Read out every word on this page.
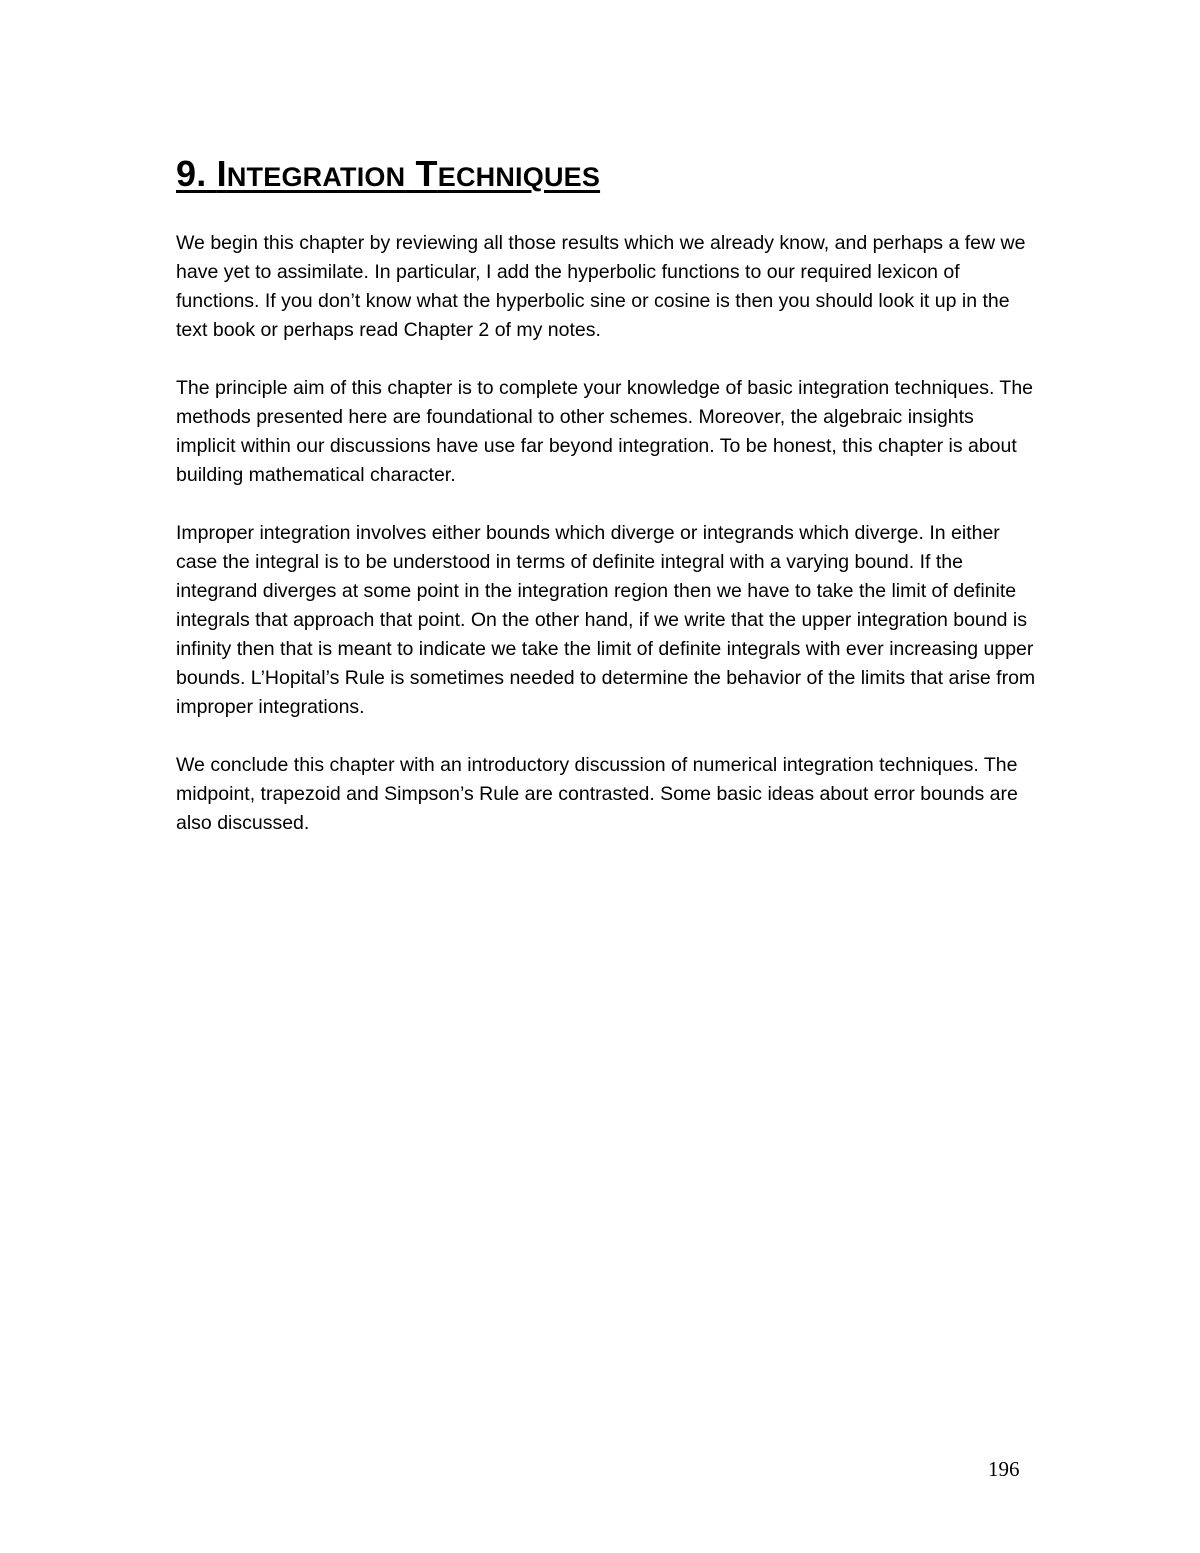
9. INTEGRATION TECHNIQUES

We begin this chapter by reviewing all those results which we already know, and perhaps a few we have yet to assimilate. In particular, I add the hyperbolic functions to our required lexicon of functions. If you don’t know what the hyperbolic sine or cosine is then you should look it up in the text book or perhaps read Chapter 2 of my notes.

The principle aim of this chapter is to complete your knowledge of basic integration techniques. The methods presented here are foundational to other schemes. Moreover, the algebraic insights implicit within our discussions have use far beyond integration. To be honest, this chapter is about building mathematical character.

Improper integration involves either bounds which diverge or integrands which diverge. In either case the integral is to be understood in terms of definite integral with a varying bound. If the integrand diverges at some point in the integration region then we have to take the limit of definite integrals that approach that point. On the other hand, if we write that the upper integration bound is infinity then that is meant to indicate we take the limit of definite integrals with ever increasing upper bounds. L’Hopital’s Rule is sometimes needed to determine the behavior of the limits that arise from improper integrations.

We conclude this chapter with an introductory discussion of numerical integration techniques. The midpoint, trapezoid and Simpson’s Rule are contrasted. Some basic ideas about error bounds are also discussed.

196
